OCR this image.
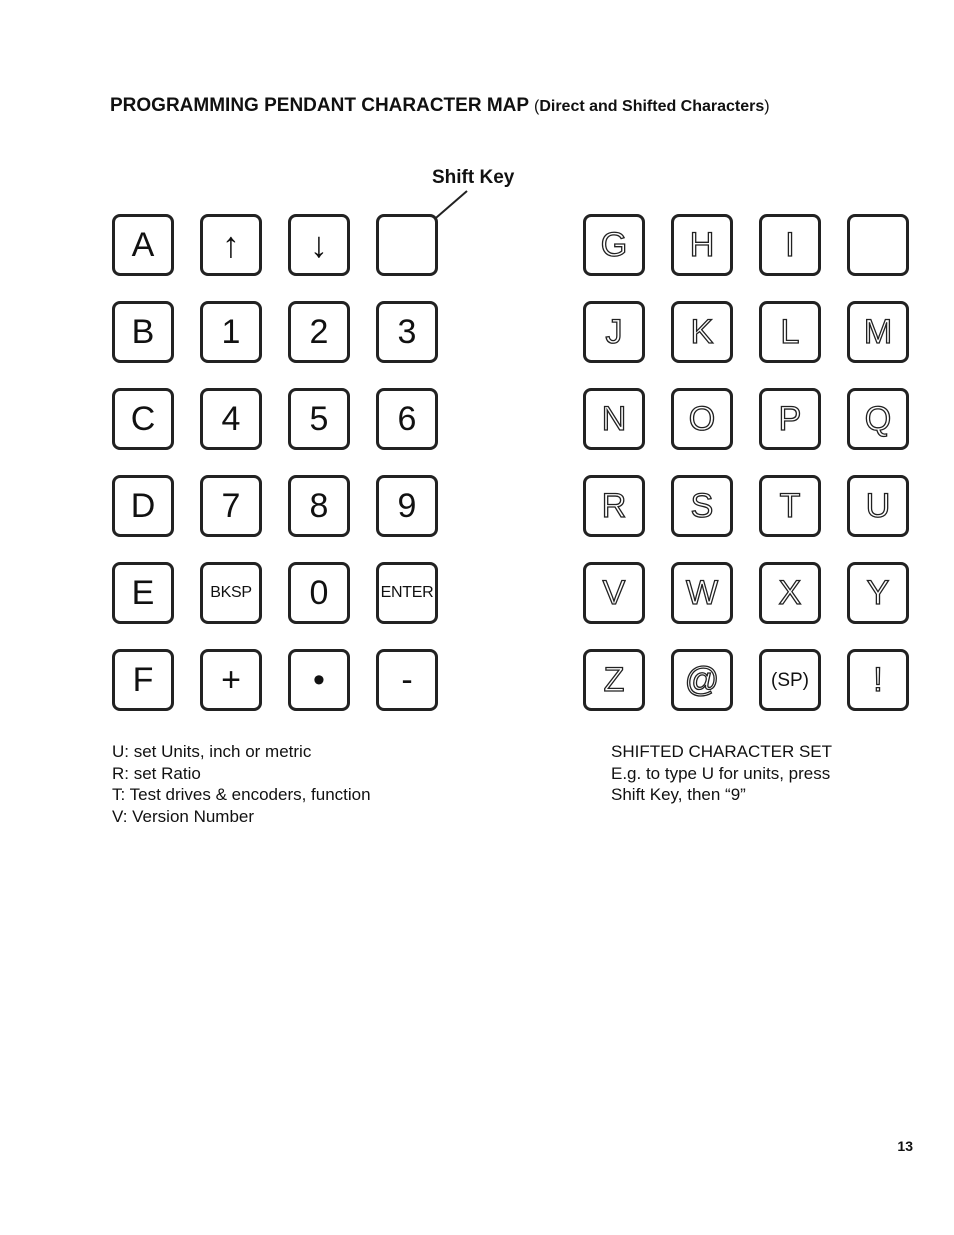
PROGRAMMING PENDANT CHARACTER MAP (Direct and Shifted Characters)
Shift Key
A ↑ ↓
B 1 2 3
C 4 5 6
D 7 8 9
E	BKSP 0	ENTER
F + • -
G H I
J K L M
N O P Q
R S T U
V W X Y
Z @	(SP) !
U: set Units, inch or metric
R: set Ratio
T: Test drives & encoders, function
V: Version Number
SHIFTED CHARACTER SET
E.g. to type U for units, press
Shift Key, then “9”
13
